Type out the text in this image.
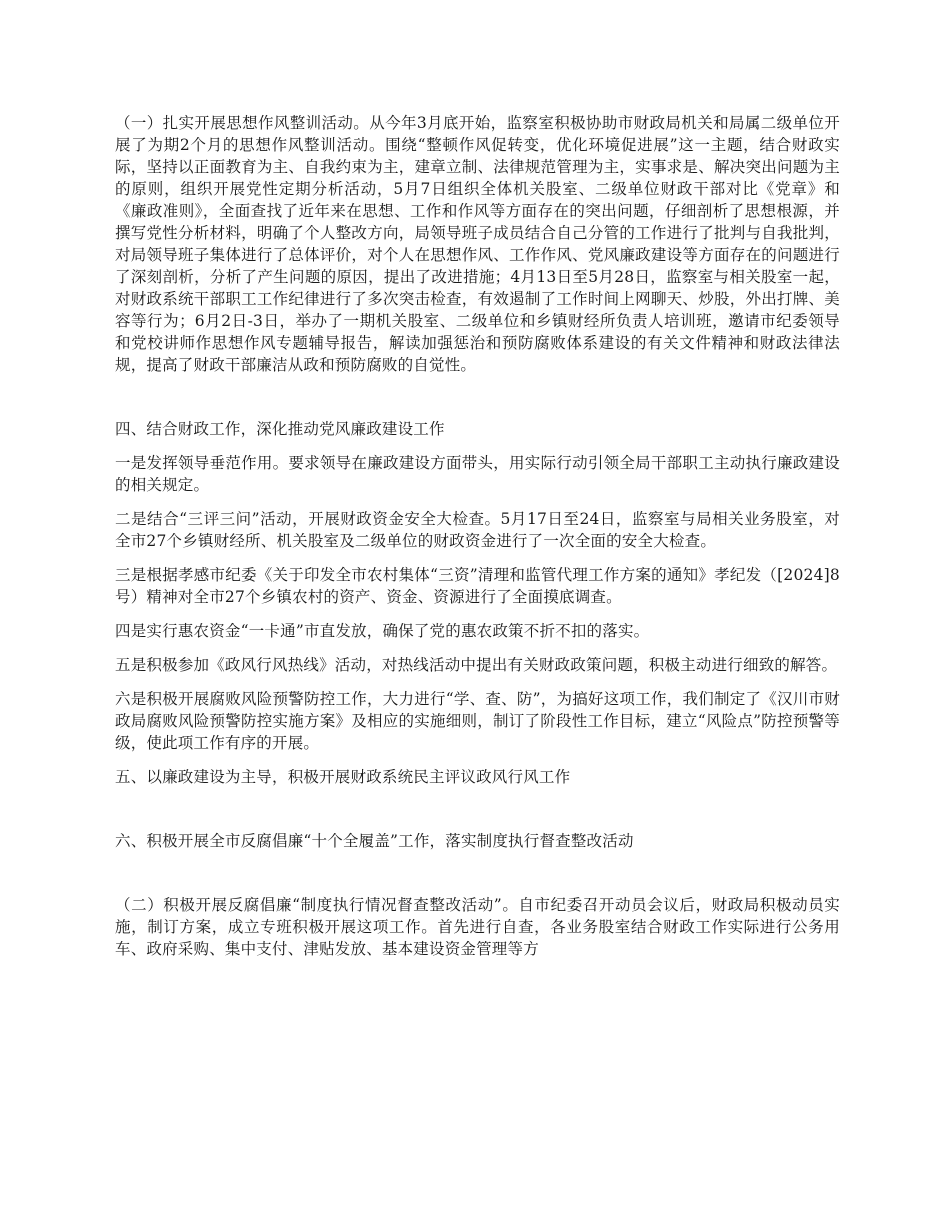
（一）扎实开展思想作风整训活动。从今年3月底开始，监察室积极协助市财政局机关和局属二级单位开展了为期2个月的思想作风整训活动。围绕“整顿作风促转变，优化环境促进展”这一主题，结合财政实际，坚持以正面教育为主、自我约束为主，建章立制、法律规范管理为主，实事求是、解决突出问题为主的原则，组织开展党性定期分析活动，5月7日组织全体机关股室、二级单位财政干部对比《党章》和《廉政准则》，全面查找了近年来在思想、工作和作风等方面存在的突出问题，仔细剖析了思想根源，并撰写党性分析材料，明确了个人整改方向，局领导班子成员结合自己分管的工作进行了批判与自我批判，对局领导班子集体进行了总体评价，对个人在思想作风、工作作风、党风廉政建设等方面存在的问题进行了深刻剖析，分析了产生问题的原因，提出了改进措施；4月13日至5月28日，监察室与相关股室一起，对财政系统干部职工工作纪律进行了多次突击检查，有效遏制了工作时间上网聊天、炒股，外出打牌、美容等行为；6月2日-3日，举办了一期机关股室、二级单位和乡镇财经所负责人培训班，邀请市纪委领导和党校讲师作思想作风专题辅导报告，解读加强惩治和预防腐败体系建设的有关文件精神和财政法律法规，提高了财政干部廉洁从政和预防腐败的自觉性。

四、结合财政工作，深化推动党风廉政建设工作

一是发挥领导垂范作用。要求领导在廉政建设方面带头，用实际行动引领全局干部职工主动执行廉政建设的相关规定。

二是结合“三评三问”活动，开展财政资金安全大检查。5月17日至24日，监察室与局相关业务股室，对全市27个乡镇财经所、机关股室及二级单位的财政资金进行了一次全面的安全大检查。

三是根据孝感市纪委《关于印发全市农村集体“三资”清理和监管代理工作方案的通知》孝纪发（[2024]8号）精神对全市27个乡镇农村的资产、资金、资源进行了全面摸底调查。

四是实行惠农资金“一卡通”市直发放，确保了党的惠农政策不折不扣的落实。

五是积极参加《政风行风热线》活动，对热线活动中提出有关财政政策问题，积极主动进行细致的解答。

六是积极开展腐败风险预警防控工作，大力进行“学、查、防”，为搞好这项工作，我们制定了《汉川市财政局腐败风险预警防控实施方案》及相应的实施细则，制订了阶段性工作目标，建立“风险点”防控预警等级，使此项工作有序的开展。

五、以廉政建设为主导，积极开展财政系统民主评议政风行风工作

六、积极开展全市反腐倡廉“十个全履盖”工作，落实制度执行督查整改活动

（二）积极开展反腐倡廉“制度执行情况督查整改活动”。自市纪委召开动员会议后，财政局积极动员实施，制订方案，成立专班积极开展这项工作。首先进行自查，各业务股室结合财政工作实际进行公务用车、政府采购、集中支付、津贴发放、基本建设资金管理等方
